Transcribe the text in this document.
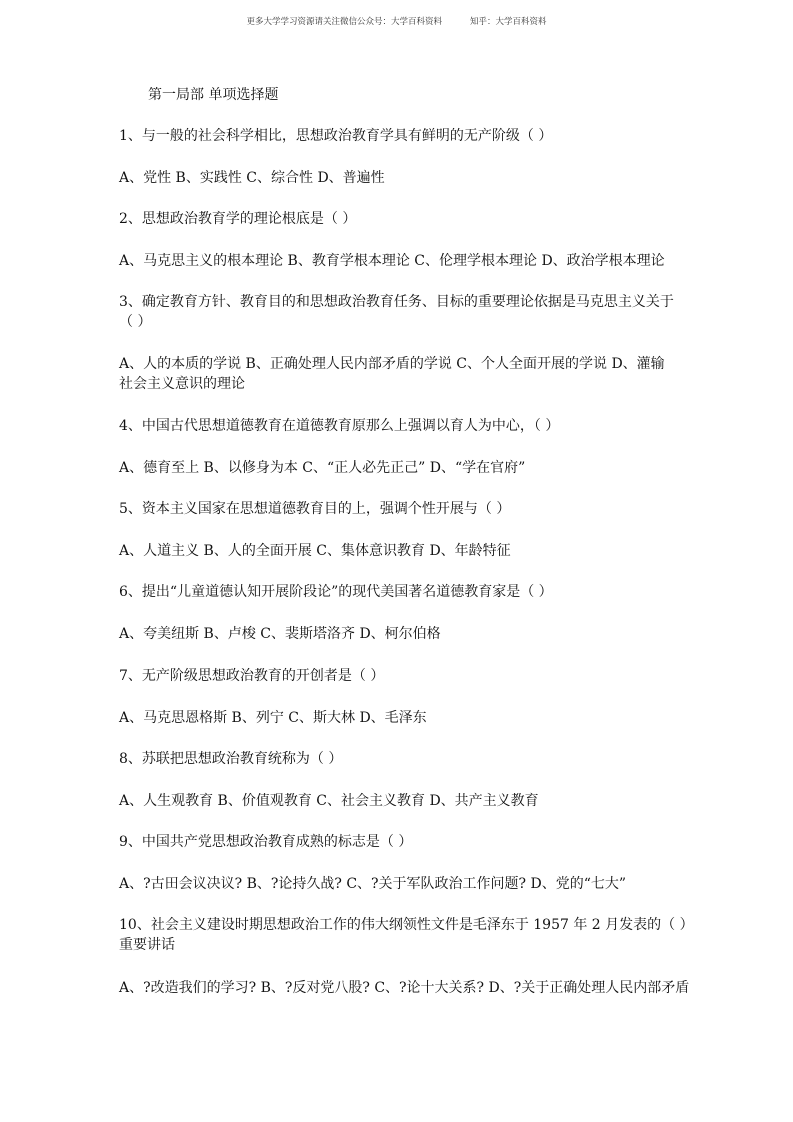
更多大学学习资源请关注微信公众号：大学百科资料	知乎：大学百科资料
第一局部 单项选择题
1、与一般的社会科学相比，思想政治教育学具有鲜明的无产阶级（ ）
A、党性 B、实践性 C、综合性 D、普遍性
2、思想政治教育学的理论根底是（ ）
A、马克思主义的根本理论 B、教育学根本理论 C、伦理学根本理论 D、政治学根本理论
3、确定教育方针、教育目的和思想政治教育任务、目标的重要理论依据是马克思主义关于
（ ）
A、人的本质的学说 B、正确处理人民内部矛盾的学说 C、个人全面开展的学说 D、灌输
社会主义意识的理论
4、中国古代思想道德教育在道德教育原那么上强调以育人为中心，（ ）
A、德育至上 B、以修身为本 C、“正人必先正己” D、“学在官府”
5、资本主义国家在思想道德教育目的上，强调个性开展与（ ）
A、人道主义 B、人的全面开展 C、集体意识教育 D、年龄特征
6、提出“儿童道德认知开展阶段论”的现代美国著名道德教育家是（ ）
A、夸美纽斯 B、卢梭 C、裴斯塔洛齐 D、柯尔伯格
7、无产阶级思想政治教育的开创者是（ ）
A、马克思恩格斯 B、列宁 C、斯大林 D、毛泽东
8、苏联把思想政治教育统称为（ ）
A、人生观教育 B、价值观教育 C、社会主义教育 D、共产主义教育
9、中国共产党思想政治教育成熟的标志是（ ）
A、?古田会议决议? B、?论持久战? C、?关于军队政治工作问题? D、党的“七大”
10、社会主义建设时期思想政治工作的伟大纲领性文件是毛泽东于 1957 年 2 月发表的（ ）
重要讲话
A、?改造我们的学习? B、?反对党八股? C、?论十大关系? D、?关于正确处理人民内部矛盾
